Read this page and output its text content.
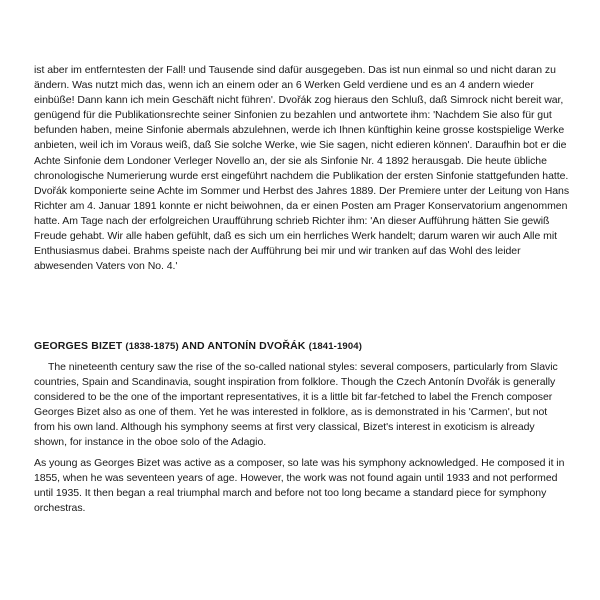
ist aber im entferntesten der Fall! und Tausende sind dafür ausgegeben. Das ist nun einmal so und nicht daran zu ändern. Was nutzt mich das, wenn ich an einem oder an 6 Werken Geld verdiene und es an 4 andern wieder einbüße! Dann kann ich mein Geschäft nicht führen'. Dvořák zog hieraus den Schluß, daß Simrock nicht bereit war, genügend für die Publikationsrechte seiner Sinfonien zu bezahlen und antwortete ihm: 'Nachdem Sie also für gut befunden haben, meine Sinfonie abermals abzulehnen, werde ich Ihnen künftighin keine grosse kostspielige Werke anbieten, weil ich im Voraus weiß, daß Sie solche Werke, wie Sie sagen, nicht edieren können'. Daraufhin bot er die Achte Sinfonie dem Londoner Verleger Novello an, der sie als Sinfonie Nr. 4 1892 herausgab. Die heute übliche chronologische Numerierung wurde erst eingeführt nachdem die Publikation der ersten Sinfonie stattgefunden hatte.

Dvořák komponierte seine Achte im Sommer und Herbst des Jahres 1889. Der Premiere unter der Leitung von Hans Richter am 4. Januar 1891 konnte er nicht beiwohnen, da er einen Posten am Prager Konservatorium angenommen hatte. Am Tage nach der erfolgreichen Uraufführung schrieb Richter ihm: 'An dieser Aufführung hätten Sie gewiß Freude gehabt. Wir alle haben gefühlt, daß es sich um ein herrliches Werk handelt; darum waren wir auch Alle mit Enthusiasmus dabei. Brahms speiste nach der Aufführung bei mir und wir tranken auf das Wohl des leider abwesenden Vaters von No. 4.'

GEORGES BIZET (1838-1875) AND ANTONÍN DVOŘÁK (1841-1904)

The nineteenth century saw the rise of the so-called national styles: several composers, particularly from Slavic countries, Spain and Scandinavia, sought inspiration from folklore. Though the Czech Antonín Dvořák is generally considered to be the one of the important representatives, it is a little bit far-fetched to label the French composer Georges Bizet also as one of them. Yet he was interested in folklore, as is demonstrated in his 'Carmen', but not from his own land. Although his symphony seems at first very classical, Bizet's interest in exoticism is already shown, for instance in the oboe solo of the Adagio.

As young as Georges Bizet was active as a composer, so late was his symphony acknowledged. He composed it in 1855, when he was seventeen years of age. However, the work was not found again until 1933 and not performed until 1935. It then began a real triumphal march and before not too long became a standard piece for symphony orchestras.
